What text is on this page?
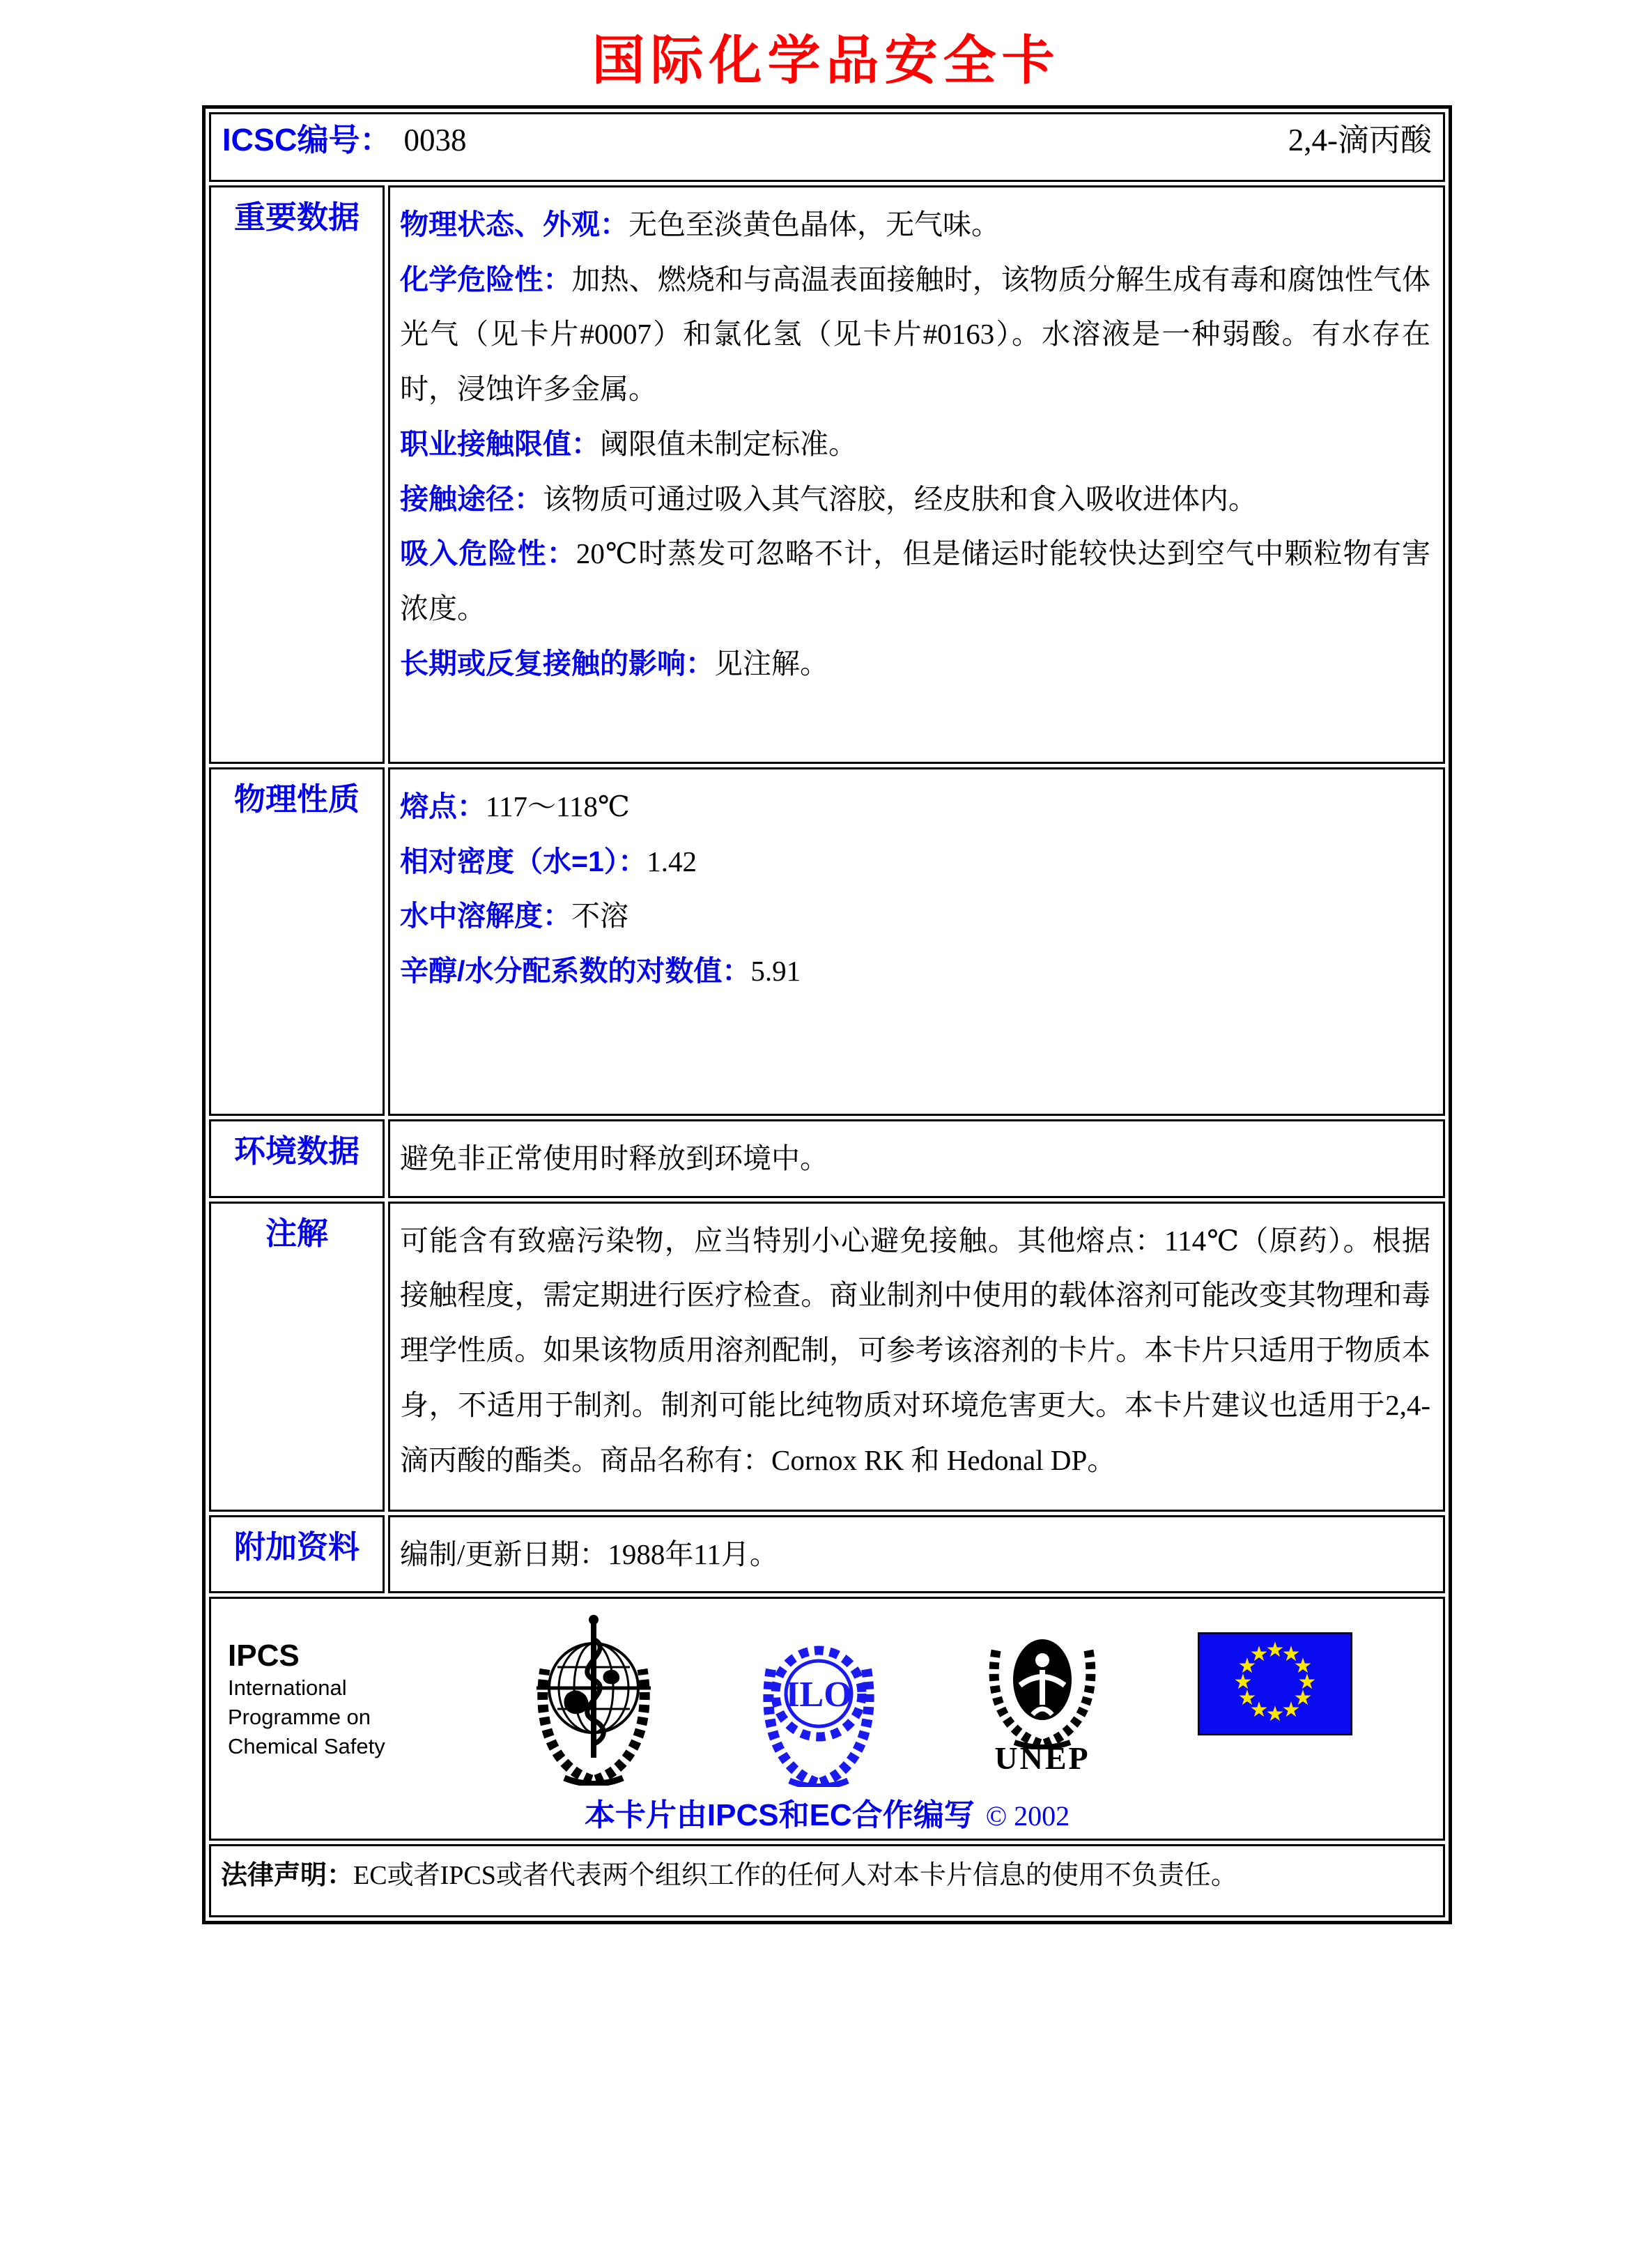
国际化学品安全卡
ICSC编号： 0038 2,4-滴丙酸	

重要数据	物理状态、外观：无色至淡黄色晶体，无气味。

化学危险性：加热、燃烧和与高温表面接触时，该物质分解生成有毒和腐蚀性气体光气（见卡片#0007）和氯化氢（见卡片#0163）。水溶液是一种弱酸。有水存在时，浸蚀许多金属。

职业接触限值：阈限值未制定标准。

接触途径：该物质可通过吸入其气溶胶，经皮肤和食入吸收进体内。

吸入危险性：20℃时蒸发可忽略不计，但是储运时能较快达到空气中颗粒物有害浓度。

长期或反复接触的影响：见注解。

物理性质	熔点：117～118℃

相对密度（水=1）：1.42

水中溶解度：不溶

辛醇/水分配系数的对数值：5.91

环境数据	避免非正常使用时释放到环境中。

注解	可能含有致癌污染物，应当特别小心避免接触。其他熔点：114℃（原药）。根据接触程度，需定期进行医疗检查。商业制剂中使用的载体溶剂可能改变其物理和毒理学性质。如果该物质用溶剂配制，可参考该溶剂的卡片。本卡片只适用于物质本身，不适用于制剂。制剂可能比纯物质对环境危害更大。本卡片建议也适用于2,4-滴丙酸的酯类。商品名称有：Cornox RK 和 Hedonal DP。

附加资料	编制/更新日期：1988年11月。

IPCS
International
Programme on
Chemical Safety
ILO
UNEP
★
★
★
★
★
★
★
★
★
★
★
★
本卡片由IPCS和EC合作编写 © 2002

法律声明：EC或者IPCS或者代表两个组织工作的任何人对本卡片信息的使用不负责任。	
